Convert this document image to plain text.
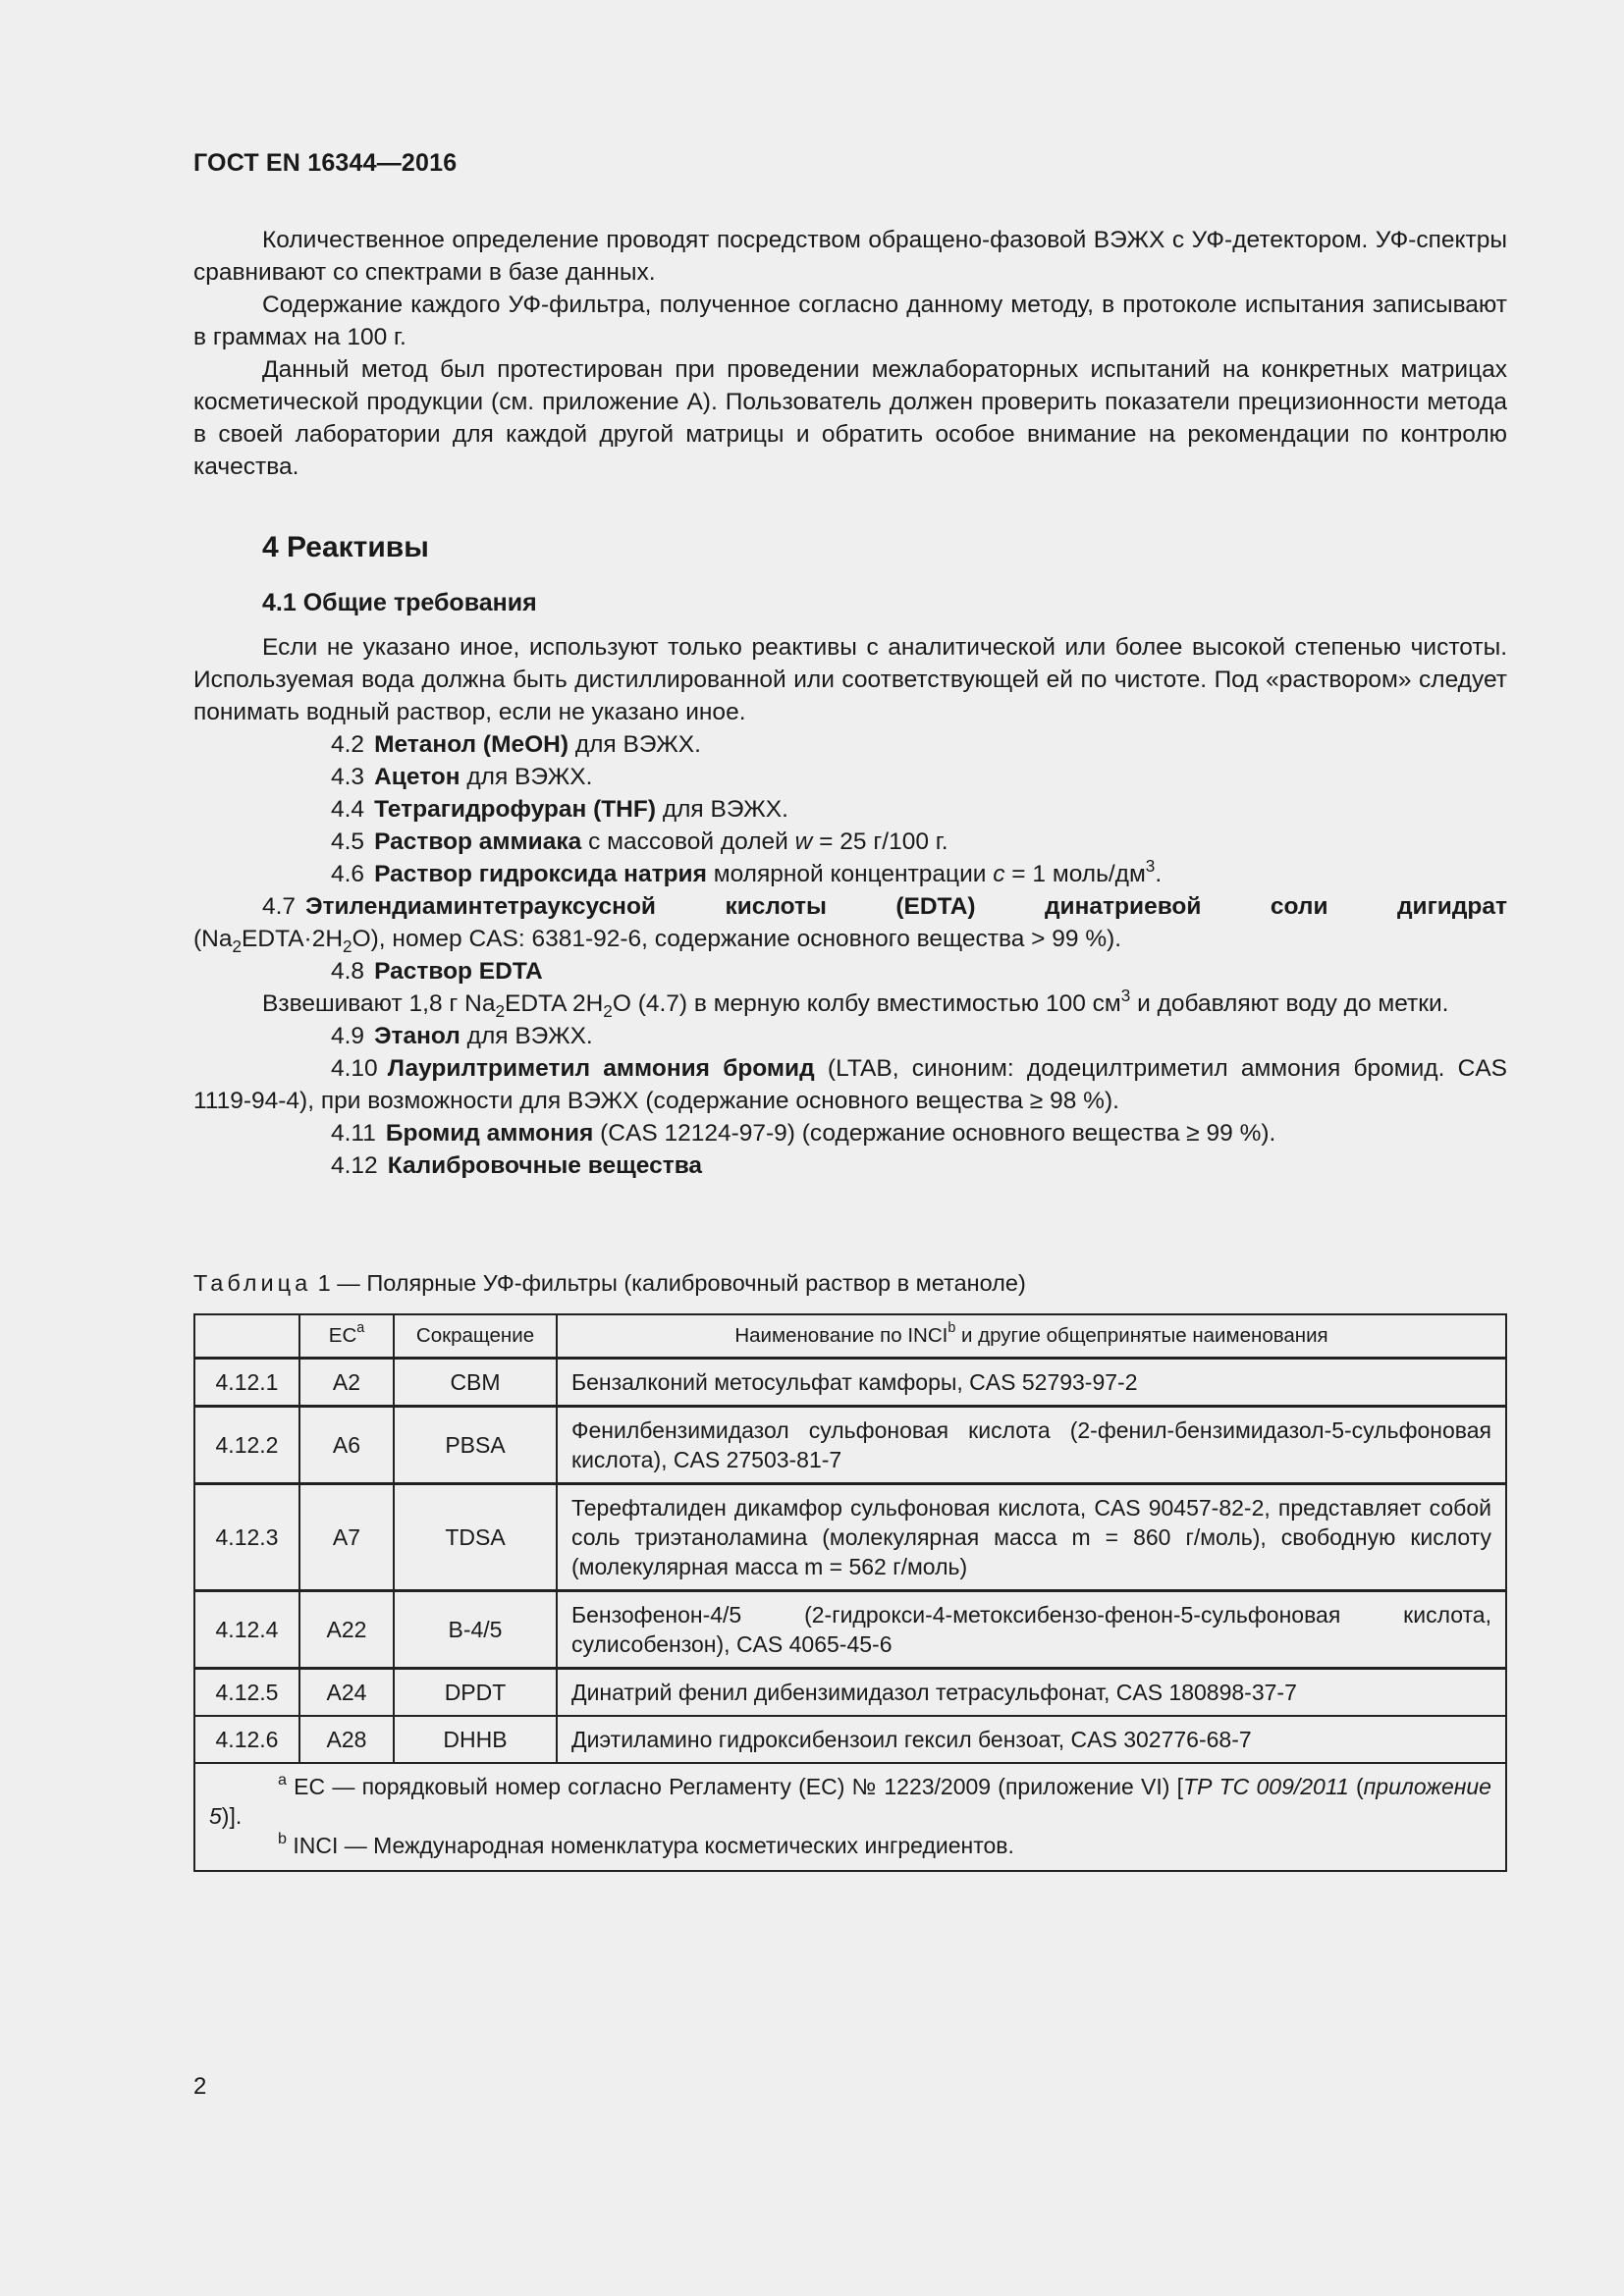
ГОСТ EN 16344—2016

Количественное определение проводят посредством обращено-фазовой ВЭЖХ с УФ-детектором. УФ-спектры сравнивают со спектрами в базе данных.

Содержание каждого УФ-фильтра, полученное согласно данному методу, в протоколе испытания записывают в граммах на 100 г.

Данный метод был протестирован при проведении межлабораторных испытаний на конкретных матрицах косметической продукции (см. приложение А). Пользователь должен проверить показатели прецизионности метода в своей лаборатории для каждой другой матрицы и обратить особое внимание на рекомендации по контролю качества.

4 Реактивы
4.1 Общие требования

Если не указано иное, используют только реактивы с аналитической или более высокой степенью чистоты. Используемая вода должна быть дистиллированной или соответствующей ей по чистоте. Под «раствором» следует понимать водный раствор, если не указано иное.

4.2 Метанол (MeOH) для ВЭЖХ.

4.3 Ацетон для ВЭЖХ.

4.4 Тетрагидрофуран (THF) для ВЭЖХ.

4.5 Раствор аммиака с массовой долей w = 25 г/100 г.

4.6 Раствор гидроксида натрия молярной концентрации c = 1 моль/$дм^3$.

4.7 Этилендиаминтетрауксусной кислоты (EDTA) динатриевой соли дигидрат

$(Na_2EDTA\cdot 2H_2O)$, номер CAS: 6381-92-6, содержание основного вещества > 99 %).

4.8 Раствор EDTA

Взвешивают 1,8 г $Na_2EDTA$ $2H_2O$ (4.7) в мерную колбу вместимостью 100 $см^3$ и добавляют воду до метки.

4.9 Этанол для ВЭЖХ.

4.10 Лаурилтриметил аммония бромид (LTAB, синоним: додецилтриметил аммония бромид. CAS 1119-94-4), при возможности для ВЭЖХ (содержание основного вещества ≥ 98 %).

4.11 Бромид аммония (CAS 12124-97-9) (содержание основного вещества ≥ 99 %).

4.12 Калибровочные вещества

Таблица 1 — Полярные УФ-фильтры (калибровочный раствор в метаноле)
	$EC^a$	Сокращение	Наименование по INCI$^b$ и другие общепринятые наименования
4.12.1	A2	CBM	Бензалконий метосульфат камфоры, CAS 52793-97-2
4.12.2	A6	PBSA	Фенилбензимидазол сульфоновая кислота (2-фенил-бензимидазол-5-сульфоновая кислота), CAS 27503-81-7
4.12.3	A7	TDSA	Терефталиден дикамфор сульфоновая кислота, CAS 90457-82-2, представляет собой соль триэтаноламина (молекулярная масса m = 860 г/моль), свободную кислоту (молекулярная масса m = 562 г/моль)
4.12.4	A22	B-4/5	Бензофенон-4/5 (2-гидрокси-4-метоксибензо-фенон-5-сульфоновая кислота, сулисобензон), CAS 4065-45-6
4.12.5	A24	DPDT	Динатрий фенил дибензимидазол тетрасульфонат, CAS 180898-37-7
4.12.6	A28	DHHB	Диэтиламино гидроксибензоил гексил бензоат, CAS 302776-68-7

$^a$ EC — порядковый номер согласно Регламенту (EC) № 1223/2009 (приложение VI) [ТР ТС 009/2011 (приложение 5)].

$^b$ INCI — Международная номенклатура косметических ингредиентов.			

2
